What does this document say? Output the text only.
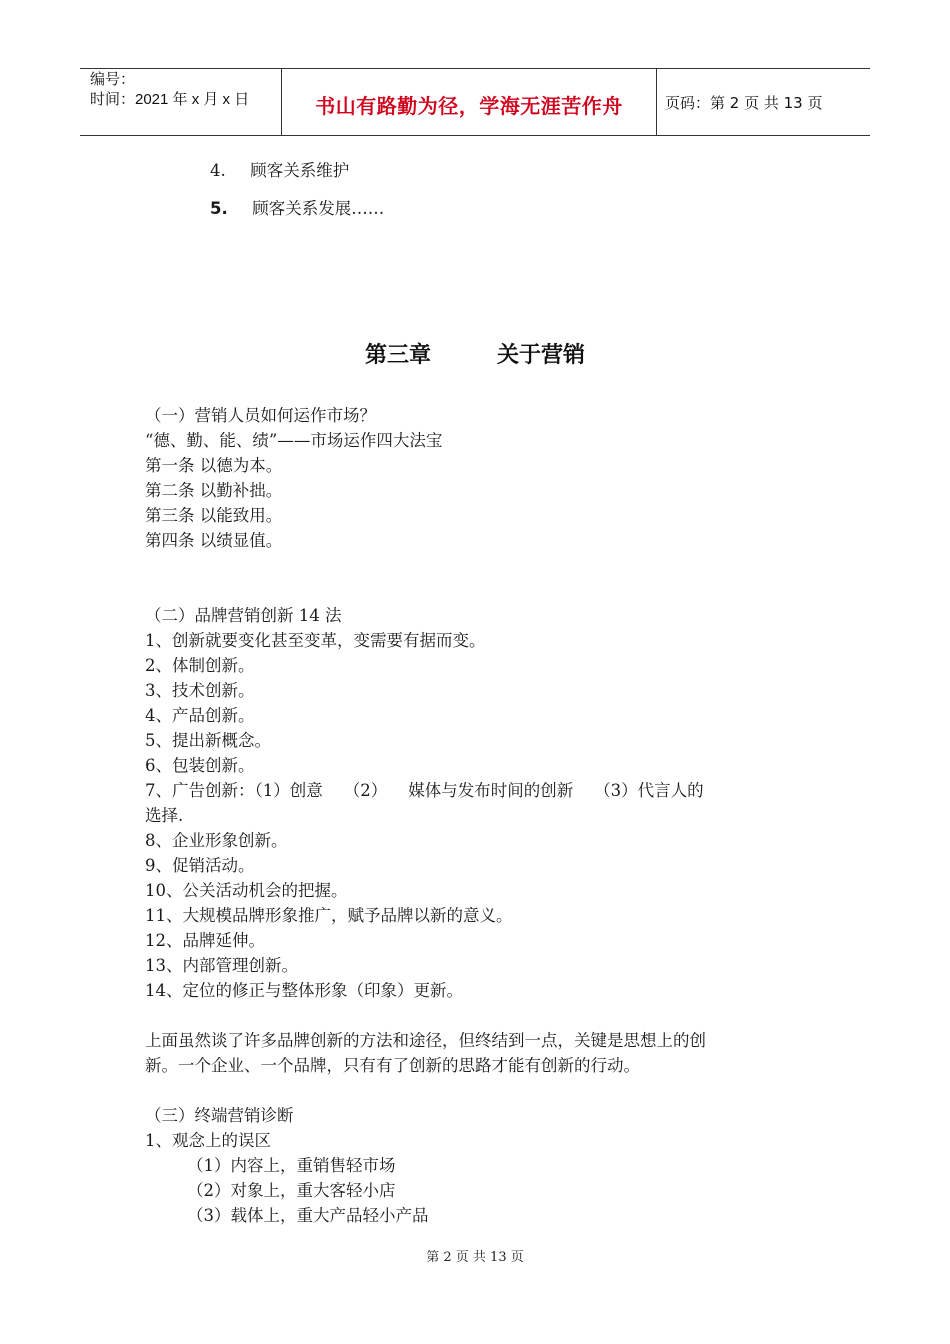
编号：
时间：2021 年 x 月 x 日	书山有路勤为径，学海无涯苦作舟	页码：第 2 页 共 13 页
4. 顾客关系维护
5. 顾客关系发展……
第三章	关于营销
（一）营销人员如何运作市场？
“德、勤、能、绩”——市场运作四大法宝
第一条 以德为本。
第二条 以勤补拙。
第三条 以能致用。
第四条 以绩显值。
（二）品牌营销创新 14 法
1、创新就要变化甚至变革，变需要有据而变。
2、体制创新。
3、技术创新。
4、产品创新。
5、提出新概念。
6、包装创新。
7、广告创新：（1）创意    （2）    媒体与发布时间的创新    （3）代言人的
选择.
8、企业形象创新。
9、促销活动。
10、公关活动机会的把握。
11、大规模品牌形象推广，赋予品牌以新的意义。
12、品牌延伸。
13、内部管理创新。
14、定位的修正与整体形象（印象）更新。
上面虽然谈了许多品牌创新的方法和途径，但终结到一点，关键是思想上的创
新。一个企业、一个品牌，只有有了创新的思路才能有创新的行动。
（三）终端营销诊断
1、观念上的误区
（1）内容上，重销售轻市场
（2）对象上，重大客轻小店
（3）载体上，重大产品轻小产品
第 2 页 共 13 页
